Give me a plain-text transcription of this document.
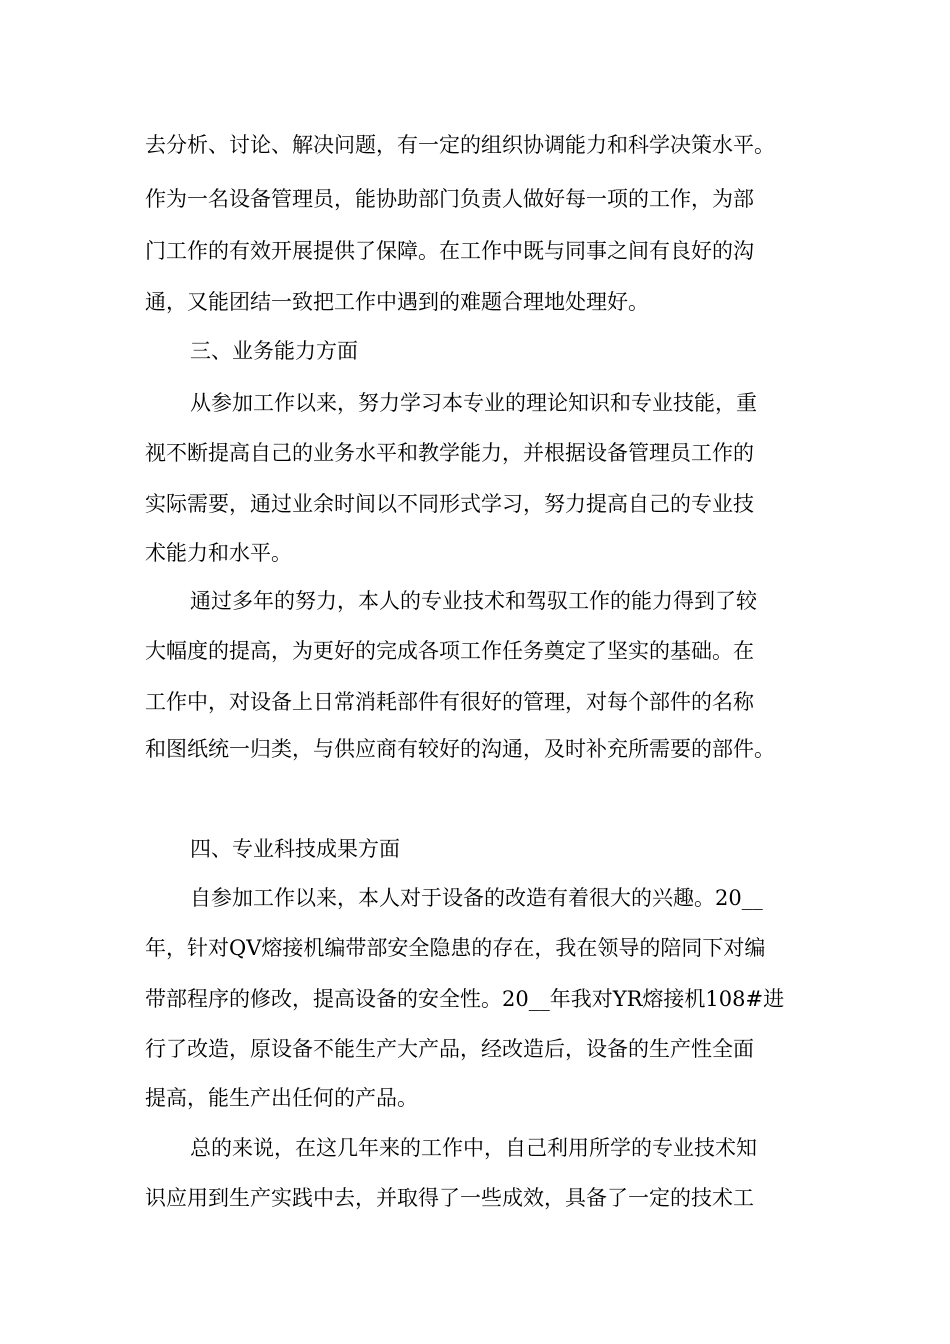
去分析、讨论、解决问题，有一定的组织协调能力和科学决策水平。
作为一名设备管理员，能协助部门负责人做好每一项的工作，为部
门工作的有效开展提供了保障。在工作中既与同事之间有良好的沟
通，又能团结一致把工作中遇到的难题合理地处理好。
三、业务能力方面
从参加工作以来，努力学习本专业的理论知识和专业技能，重
视不断提高自己的业务水平和教学能力，并根据设备管理员工作的
实际需要，通过业余时间以不同形式学习，努力提高自己的专业技
术能力和水平。
通过多年的努力，本人的专业技术和驾驭工作的能力得到了较
大幅度的提高，为更好的完成各项工作任务奠定了坚实的基础。在
工作中，对设备上日常消耗部件有很好的管理，对每个部件的名称
和图纸统一归类，与供应商有较好的沟通，及时补充所需要的部件。
四、专业科技成果方面
自参加工作以来，本人对于设备的改造有着很大的兴趣。20__
年，针对QV熔接机编带部安全隐患的存在，我在领导的陪同下对编
带部程序的修改，提高设备的安全性。20__年我对YR熔接机108#进
行了改造，原设备不能生产大产品，经改造后，设备的生产性全面
提高，能生产出任何的产品。
总的来说，在这几年来的工作中，自己利用所学的专业技术知
识应用到生产实践中去，并取得了一些成效，具备了一定的技术工
